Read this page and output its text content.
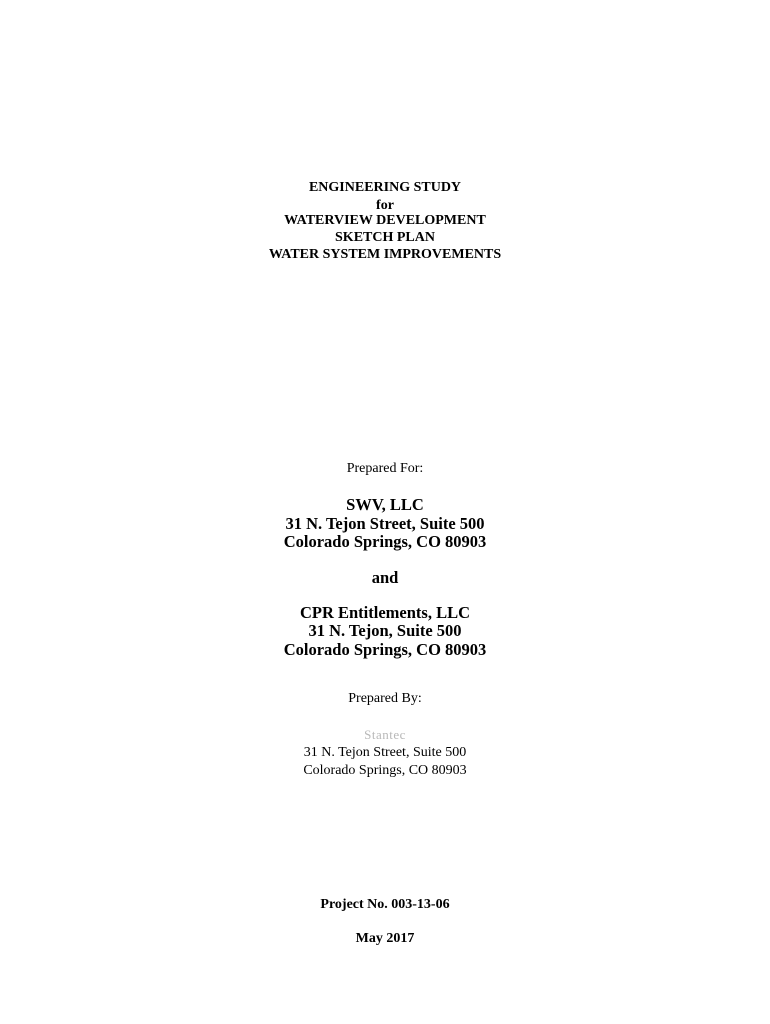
ENGINEERING STUDY
for
WATERVIEW DEVELOPMENT
SKETCH PLAN
WATER SYSTEM IMPROVEMENTS
Prepared For:
SWV, LLC
31 N. Tejon Street, Suite 500
Colorado Springs, CO 80903
and
CPR Entitlements, LLC
31 N. Tejon, Suite 500
Colorado Springs, CO 80903
Prepared By:
Stantec
31 N. Tejon Street, Suite 500
Colorado Springs, CO 80903
Project No. 003-13-06
May 2017
